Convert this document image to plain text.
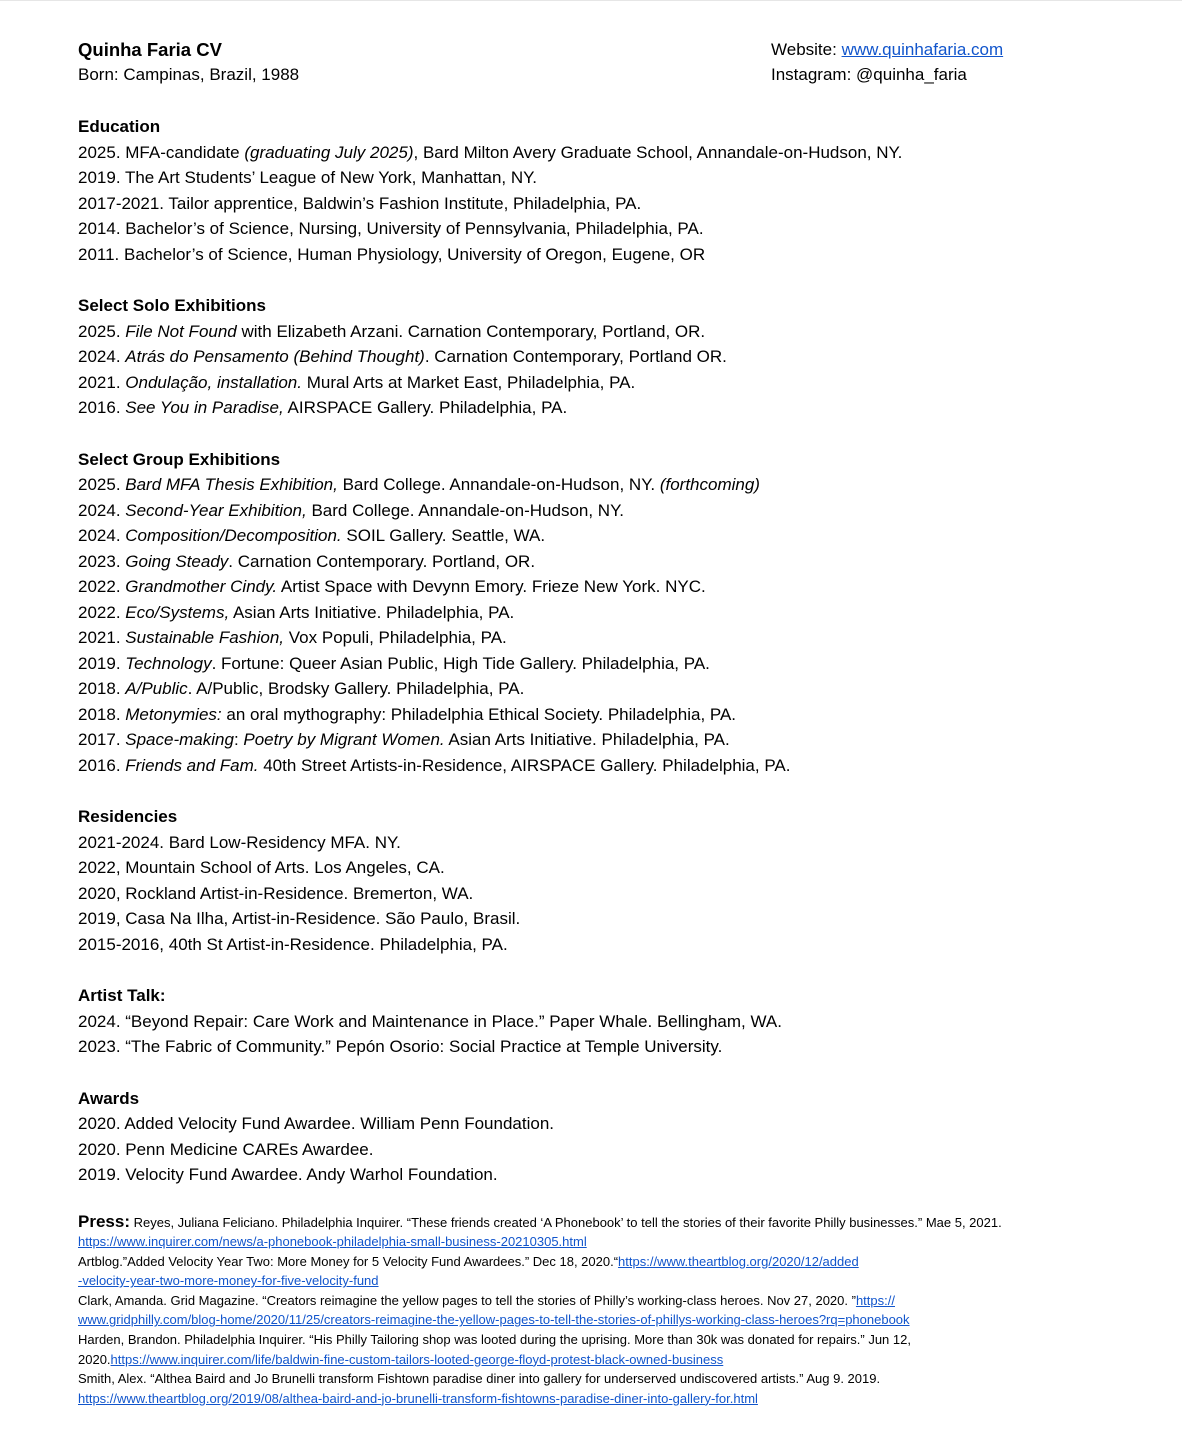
Quinha Faria CV
Born: Campinas, Brazil, 1988
Website: www.quinhafaria.com
Instagram: @quinha_faria
Education
2025. MFA-candidate (graduating July 2025), Bard Milton Avery Graduate School, Annandale-on-Hudson, NY.
2019. The Art Students’ League of New York, Manhattan, NY.
2017-2021. Tailor apprentice, Baldwin’s Fashion Institute, Philadelphia, PA.
2014. Bachelor’s of Science, Nursing, University of Pennsylvania, Philadelphia, PA.
2011. Bachelor’s of Science, Human Physiology, University of Oregon, Eugene, OR
Select Solo Exhibitions
2025. File Not Found with Elizabeth Arzani. Carnation Contemporary, Portland, OR.
2024. Atrás do Pensamento (Behind Thought). Carnation Contemporary, Portland OR.
2021. Ondulação, installation. Mural Arts at Market East, Philadelphia, PA.
2016. See You in Paradise, AIRSPACE Gallery. Philadelphia, PA.
Select Group Exhibitions
2025. Bard MFA Thesis Exhibition, Bard College. Annandale-on-Hudson, NY. (forthcoming)
2024. Second-Year Exhibition, Bard College. Annandale-on-Hudson, NY.
2024. Composition/Decomposition. SOIL Gallery. Seattle, WA.
2023. Going Steady. Carnation Contemporary. Portland, OR.
2022. Grandmother Cindy. Artist Space with Devynn Emory. Frieze New York. NYC.
2022. Eco/Systems, Asian Arts Initiative. Philadelphia, PA.
2021. Sustainable Fashion, Vox Populi, Philadelphia, PA.
2019. Technology. Fortune: Queer Asian Public, High Tide Gallery. Philadelphia, PA.
2018. A/Public. A/Public, Brodsky Gallery. Philadelphia, PA.
2018. Metonymies: an oral mythography: Philadelphia Ethical Society. Philadelphia, PA.
2017. Space-making: Poetry by Migrant Women. Asian Arts Initiative. Philadelphia, PA.
2016. Friends and Fam. 40th Street Artists-in-Residence, AIRSPACE Gallery. Philadelphia, PA.
Residencies
2021-2024. Bard Low-Residency MFA. NY.
2022, Mountain School of Arts. Los Angeles, CA.
2020, Rockland Artist-in-Residence. Bremerton, WA.
2019, Casa Na Ilha, Artist-in-Residence. São Paulo, Brasil.
2015-2016, 40th St Artist-in-Residence. Philadelphia, PA.
Artist Talk:
2024. “Beyond Repair: Care Work and Maintenance in Place.” Paper Whale. Bellingham, WA.
2023. “The Fabric of Community.” Pepón Osorio: Social Practice at Temple University.
Awards
2020. Added Velocity Fund Awardee. William Penn Foundation.
2020. Penn Medicine CAREs Awardee.
2019. Velocity Fund Awardee. Andy Warhol Foundation.
Press: Reyes, Juliana Feliciano. Philadelphia Inquirer. “These friends created ‘A Phonebook’ to tell the stories of their favorite Philly businesses.” Mae 5, 2021.
https://www.inquirer.com/news/a-phonebook-philadelphia-small-business-20210305.html
Artblog.”Added Velocity Year Two: More Money for 5 Velocity Fund Awardees.” Dec 18, 2020.“https://www.theartblog.org/2020/12/added
-velocity-year-two-more-money-for-five-velocity-fund
Clark, Amanda. Grid Magazine. “Creators reimagine the yellow pages to tell the stories of Philly’s working-class heroes. Nov 27, 2020. ”https://
www.gridphilly.com/blog-home/2020/11/25/creators-reimagine-the-yellow-pages-to-tell-the-stories-of-phillys-working-class-heroes?rq=phonebook
Harden, Brandon. Philadelphia Inquirer. “His Philly Tailoring shop was looted during the uprising. More than 30k was donated for repairs.” Jun 12,
2020.https://www.inquirer.com/life/baldwin-fine-custom-tailors-looted-george-floyd-protest-black-owned-business
Smith, Alex. “Althea Baird and Jo Brunelli transform Fishtown paradise diner into gallery for underserved undiscovered artists.” Aug 9. 2019.
https://www.theartblog.org/2019/08/althea-baird-and-jo-brunelli-transform-fishtowns-paradise-diner-into-gallery-for.html
